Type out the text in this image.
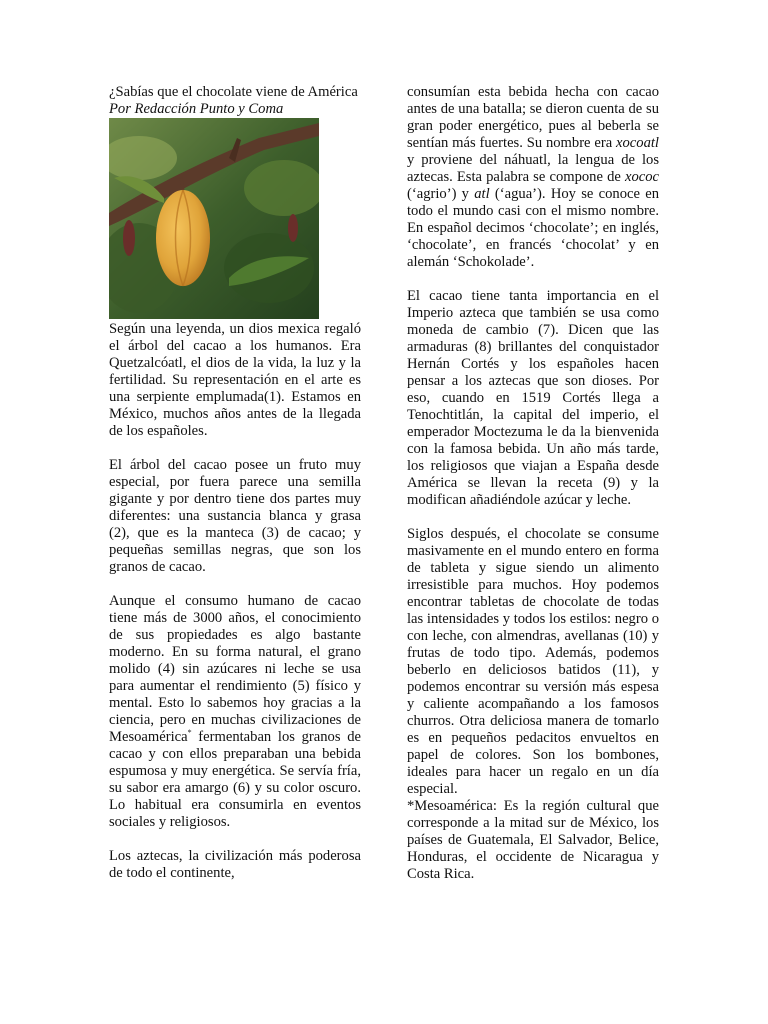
¿Sabías que el chocolate viene de América
Por Redacción Punto y Coma

Según una leyenda, un dios mexica regaló el árbol del cacao a los humanos. Era Quetzalcóatl, el dios de la vida, la luz y la fertilidad. Su representación en el arte es una serpiente emplumada(1). Estamos en México, muchos años antes de la llegada de los españoles.

El árbol del cacao posee un fruto muy especial, por fuera parece una semilla gigante y por dentro tiene dos partes muy diferentes: una sustancia blanca y grasa (2), que es la manteca (3) de cacao; y pequeñas semillas negras, que son los granos de cacao.

Aunque el consumo humano de cacao tiene más de 3000 años, el conocimiento de sus propiedades es algo bastante moderno. En su forma natural, el grano molido (4) sin azúcares ni leche se usa para aumentar el rendimiento (5) físico y mental. Esto lo sabemos hoy gracias a la ciencia, pero en muchas civilizaciones de Mesoamérica* fermentaban los granos de cacao y con ellos preparaban una bebida espumosa y muy energética. Se servía fría, su sabor era amargo (6) y su color oscuro. Lo habitual era consumirla en eventos sociales y religiosos.

Los aztecas, la civilización más poderosa de todo el continente,

consumían esta bebida hecha con cacao antes de una batalla; se dieron cuenta de su gran poder energético, pues al beberla se sentían más fuertes. Su nombre era xocoatl y proviene del náhuatl, la lengua de los aztecas. Esta palabra se compone de xococ (‘agrio’) y atl (‘agua’). Hoy se conoce en todo el mundo casi con el mismo nombre. En español decimos ‘chocolate’; en inglés, ‘chocolate’, en francés ‘chocolat’ y en alemán ‘Schokolade’.

El cacao tiene tanta importancia en el Imperio azteca que también se usa como moneda de cambio (7). Dicen que las armaduras (8) brillantes del conquistador Hernán Cortés y los españoles hacen pensar a los aztecas que son dioses. Por eso, cuando en 1519 Cortés llega a Tenochtitlán, la capital del imperio, el emperador Moctezuma le da la bienvenida con la famosa bebida. Un año más tarde, los religiosos que viajan a España desde América se llevan la receta (9) y la modifican añadiéndole azúcar y leche.

Siglos después, el chocolate se consume masivamente en el mundo entero en forma de tableta y sigue siendo un alimento irresistible para muchos. Hoy podemos encontrar tabletas de chocolate de todas las intensidades y todos los estilos: negro o con leche, con almendras, avellanas (10) y frutas de todo tipo. Además, podemos beberlo en deliciosos batidos (11), y podemos encontrar su versión más espesa y caliente acompañando a los famosos churros. Otra deliciosa manera de tomarlo es en pequeños pedacitos envueltos en papel de colores. Son los bombones, ideales para hacer un regalo en un día especial.

*Mesoamérica: Es la región cultural que corresponde a la mitad sur de México, los países de Guatemala, El Salvador, Belice, Honduras, el occidente de Nicaragua y Costa Rica.
